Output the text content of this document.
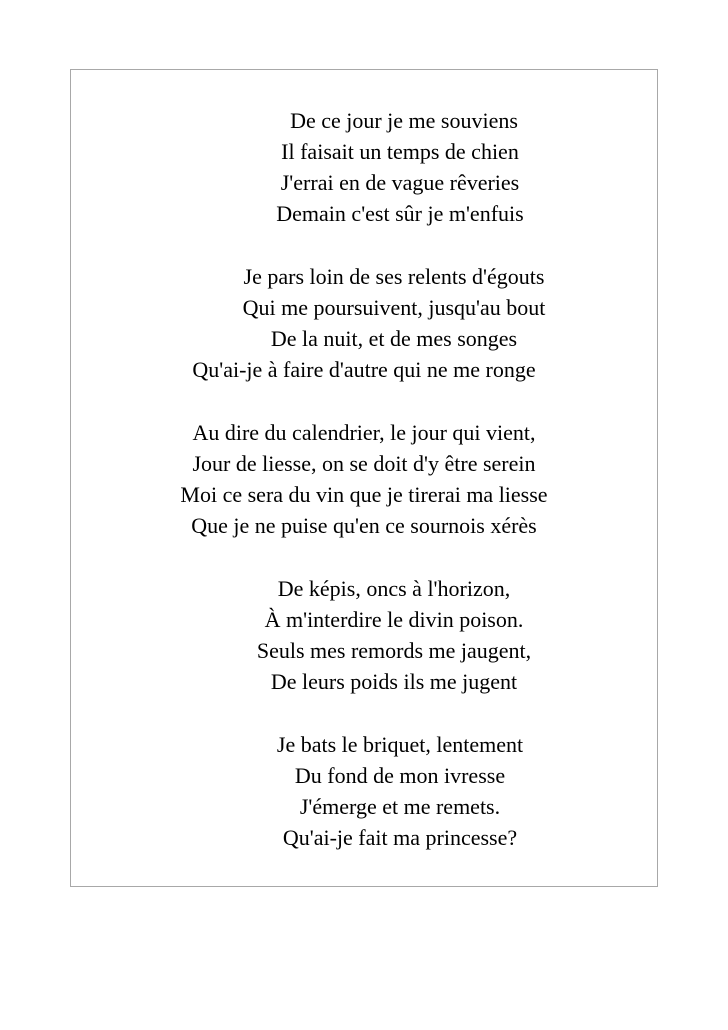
De ce jour je me souviens
Il faisait un temps de chien
J'errai en de vague rêveries
Demain c'est sûr je m'enfuis
Je pars loin de ses relents d'égouts
Qui me poursuivent, jusqu'au bout
De la nuit, et de mes songes
Qu'ai-je à faire d'autre qui ne me ronge
Au dire du calendrier, le jour qui vient,
Jour de liesse, on se doit d'y être serein
Moi ce sera du vin que je tirerai ma liesse
Que je ne puise qu'en ce sournois xérès
De képis, oncs à l'horizon,
À m'interdire le divin poison.
Seuls mes remords me jaugent,
De leurs poids ils me jugent
Je bats le briquet, lentement
Du fond de mon ivresse
J'émerge et me remets.
Qu'ai-je fait ma princesse?
